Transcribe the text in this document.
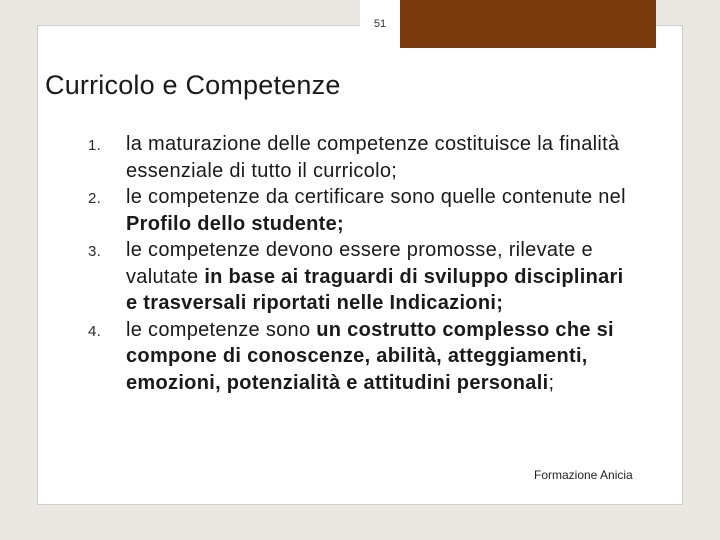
51
Curricolo e Competenze
1. la maturazione delle competenze costituisce la finalità essenziale di tutto il curricolo;
2. le competenze da certificare sono quelle contenute nel Profilo dello studente;
3. le competenze devono essere promosse, rilevate e valutate in base ai traguardi di sviluppo disciplinari e trasversali riportati nelle Indicazioni;
4. le competenze sono un costrutto complesso che si compone di conoscenze, abilità, atteggiamenti, emozioni, potenzialità e attitudini personali;
Formazione Anicia
